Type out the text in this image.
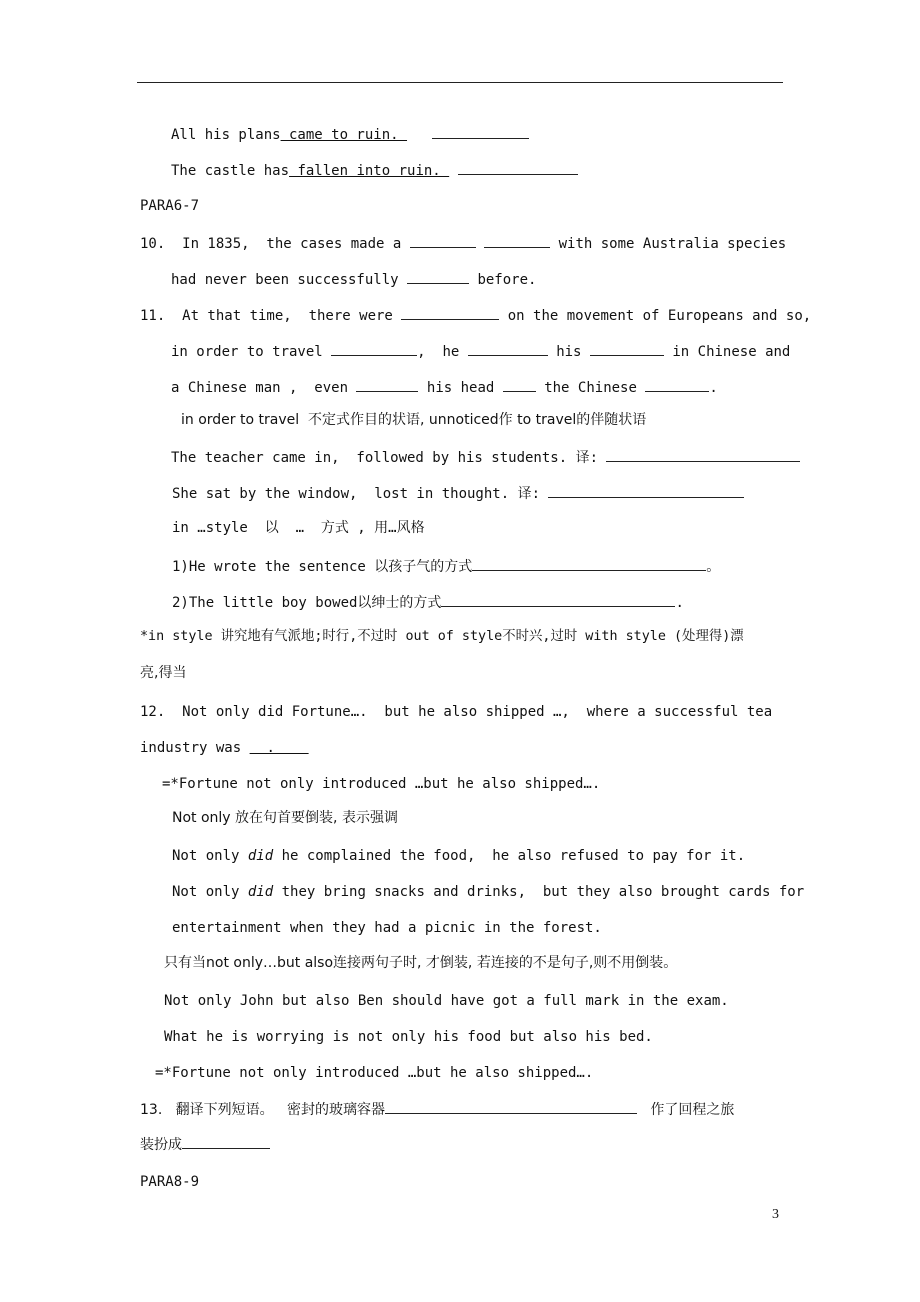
All his plans came to ruin.
The castle has fallen into ruin.
PARA6-7
10.  In 1835,  the cases made a	with some Australia species
had never been successfully	before.
11.  At that time,  there were	on the movement of Europeans and so,
in order to travel	,  he	his	in Chinese and
a Chinese man ,  even	his head	the Chinese	.
in order to travel  不定式作目的状语, unnoticed作 to travel的伴随状语
The teacher came in,  followed by his students. 译:
She sat by the window,  lost in thought. 译:
in …style  以  …  方式 , 用…风格
1)He wrote the sentence 以孩子气的方式	。
2)The little boy bowed以绅士的方式	.
*in style 讲究地有气派地;时行,不过时 out of style不时兴,过时 with style (处理得)漂
亮,得当
12.  Not only did Fortune….  but he also shipped …,  where a successful tea
industry was   .
=*Fortune not only introduced …but he also shipped….
Not only 放在句首要倒装, 表示强调
Not only did he complained the food,  he also refused to pay for it.
Not only did they bring snacks and drinks,  but they also brought cards for
entertainment when they had a picnic in the forest.
只有当not only…but also连接两句子时, 才倒装, 若连接的不是句子,则不用倒装。
Not only John but also Ben should have got a full mark in the exam.
What he is worrying is not only his food but also his bed.
=*Fortune not only introduced …but he also shipped….
13.   翻译下列短语。   密封的玻璃容器	作了回程之旅
装扮成
PARA8-9
3
